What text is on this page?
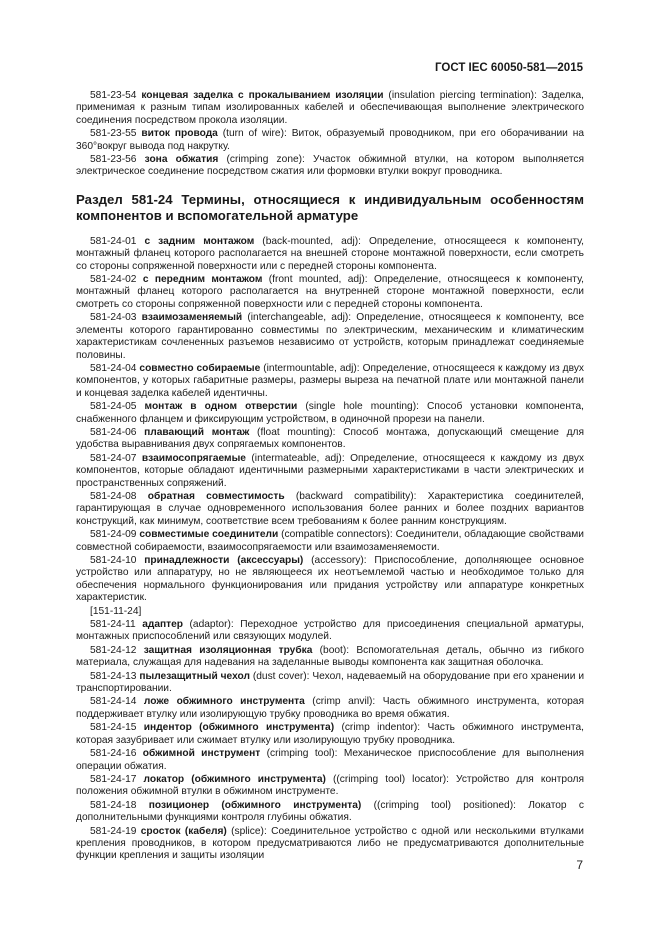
ГОСТ IEC 60050-581—2015

581-23-54 концевая заделка с прокалыванием изоляции (insulation piercing termination): Заделка, применимая к разным типам изолированных кабелей и обеспечивающая выполнение электрического соединения посредством прокола изоляции.

581-23-55 виток провода (turn of wire): Виток, образуемый проводником, при его оборачивании на 360°вокруг вывода под накрутку.

581-23-56 зона обжатия (crimping zone): Участок обжимной втулки, на котором выполняется электрическое соединение посредством сжатия или формовки втулки вокруг проводника.

Раздел 581-24 Термины, относящиеся к индивидуальным особенностям компонентов и вспомогательной арматуре

581-24-01 с задним монтажом (back-mounted, adj): Определение, относящееся к компоненту, монтажный фланец которого располагается на внешней стороне монтажной поверхности, если смотреть со стороны сопряженной поверхности или с передней стороны компонента.

581-24-02 с передним монтажом (front mounted, adj): Определение, относящееся к компоненту, монтажный фланец которого располагается на внутренней стороне монтажной поверхности, если смотреть со стороны сопряженной поверхности или с передней стороны компонента.

581-24-03 взаимозаменяемый (interchangeable, adj): Определение, относящееся к компоненту, все элементы которого гарантированно совместимы по электрическим, механическим и климатическим характеристикам сочлененных разъемов независимо от устройств, которым принадлежат соединяемые половины.

581-24-04 совместно собираемые (intermountable, adj): Определение, относящееся к каждому из двух компонентов, у которых габаритные размеры, размеры выреза на печатной плате или монтажной панели и концевая заделка кабелей идентичны.

581-24-05 монтаж в одном отверстии (single hole mounting): Способ установки компонента, снабженного фланцем и фиксирующим устройством, в одиночной прорези на панели.

581-24-06 плавающий монтаж (float mounting): Способ монтажа, допускающий смещение для удобства выравнивания двух сопрягаемых компонентов.

581-24-07 взаимосопрягаемые (intermateable, adj): Определение, относящееся к каждому из двух компонентов, которые обладают идентичными размерными характеристиками в части электрических и пространственных сопряжений.

581-24-08 обратная совместимость (backward compatibility): Характеристика соединителей, гарантирующая в случае одновременного использования более ранних и более поздних вариантов конструкций, как минимум, соответствие всем требованиям к более ранним конструкциям.

581-24-09 совместимые соединители (compatible connectors): Соединители, обладающие свойствами совместной собираемости, взаимосопрягаемости или взаимозаменяемости.

581-24-10 принадлежности (аксессуары) (accessory): Приспособление, дополняющее основное устройство или аппаратуру, но не являющееся их неотъемлемой частью и необходимое только для обеспечения нормального функционирования или придания устройству или аппаратуре конкретных характеристик.

[151-11-24]

581-24-11 адаптер (adaptor): Переходное устройство для присоединения специальной арматуры, монтажных приспособлений или связующих модулей.

581-24-12 защитная изоляционная трубка (boot): Вспомогательная деталь, обычно из гибкого материала, служащая для надевания на заделанные выводы компонента как защитная оболочка.

581-24-13 пылезащитный чехол (dust cover): Чехол, надеваемый на оборудование при его хранении и транспортировании.

581-24-14 ложе обжимного инструмента (crimp anvil): Часть обжимного инструмента, которая поддерживает втулку или изолирующую трубку проводника во время обжатия.

581-24-15 индентор (обжимного инструмента) (crimp indentor): Часть обжимного инструмента, которая зазубривает или сжимает втулку или изолирующую трубку проводника.

581-24-16 обжимной инструмент (crimping tool): Механическое приспособление для выполнения операции обжатия.

581-24-17 локатор (обжимного инструмента) ((crimping tool) locator): Устройство для контроля положения обжимной втулки в обжимном инструменте.

581-24-18 позиционер (обжимного инструмента) ((crimping tool) positioned): Локатор с дополнительными функциями контроля глубины обжатия.

581-24-19 сросток (кабеля) (splice): Соединительное устройство с одной или несколькими втулками крепления проводников, в котором предусматриваются либо не предусматриваются дополнительные функции крепления и защиты изоляции

7
